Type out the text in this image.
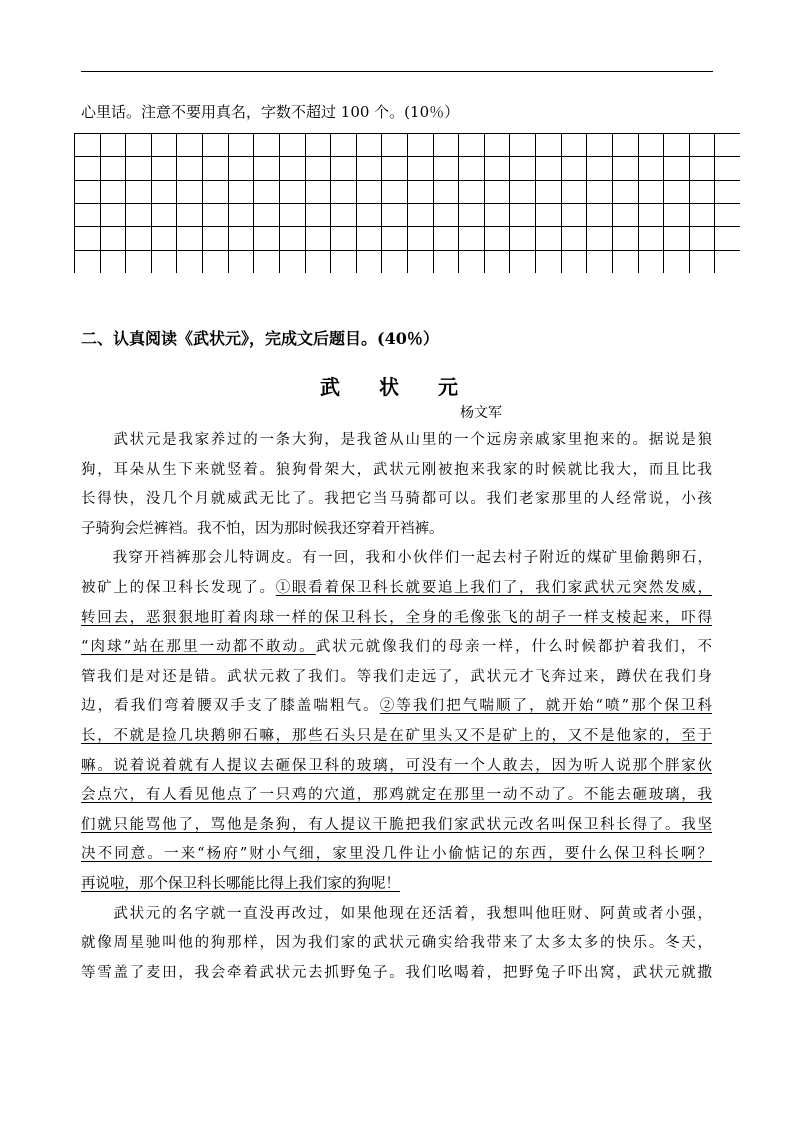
心里话。注意不要用真名，字数不超过 100 个。(10％）
二、认真阅读《武状元》，完成文后题目。(40％）
武 状 元
杨文军
　　武状元是我家养过的一条大狗，是我爸从山里的一个远房亲戚家里抱来的。据说是狼
狗，耳朵从生下来就竖着。狼狗骨架大，武状元刚被抱来我家的时候就比我大，而且比我
长得快，没几个月就威武无比了。我把它当马骑都可以。我们老家那里的人经常说，小孩
子骑狗会烂裤裆。我不怕，因为那时候我还穿着开裆裤。
　　我穿开裆裤那会儿特调皮。有一回，我和小伙伴们一起去村子附近的煤矿里偷鹅卵石，
被矿上的保卫科长发现了。①眼看着保卫科长就要追上我们了，我们家武状元突然发威，
转回去，恶狠狠地盯着肉球一样的保卫科长，全身的毛像张飞的胡子一样支棱起来，吓得
“肉球”站在那里一动都不敢动。武状元就像我们的母亲一样，什么时候都护着我们，不
管我们是对还是错。武状元救了我们。等我们走远了，武状元才飞奔过来，蹲伏在我们身
边，看我们弯着腰双手支了膝盖喘粗气。②等我们把气喘顺了，就开始“喷”那个保卫科
长，不就是捡几块鹅卵石嘛，那些石头只是在矿里头又不是矿上的，又不是他家的，至于
嘛。说着说着就有人提议去砸保卫科的玻璃，可没有一个人敢去，因为听人说那个胖家伙
会点穴，有人看见他点了一只鸡的穴道，那鸡就定在那里一动不动了。不能去砸玻璃，我
们就只能骂他了，骂他是条狗，有人提议干脆把我们家武状元改名叫保卫科长得了。我坚
决不同意。一来“杨府”财小气细，家里没几件让小偷惦记的东西，要什么保卫科长啊？
再说啦，那个保卫科长哪能比得上我们家的狗呢！
　　武状元的名字就一直没再改过，如果他现在还活着，我想叫他旺财、阿黄或者小强，
就像周星驰叫他的狗那样，因为我们家的武状元确实给我带来了太多太多的快乐。冬天，
等雪盖了麦田，我会牵着武状元去抓野兔子。我们吆喝着，把野兔子吓出窝，武状元就撒
